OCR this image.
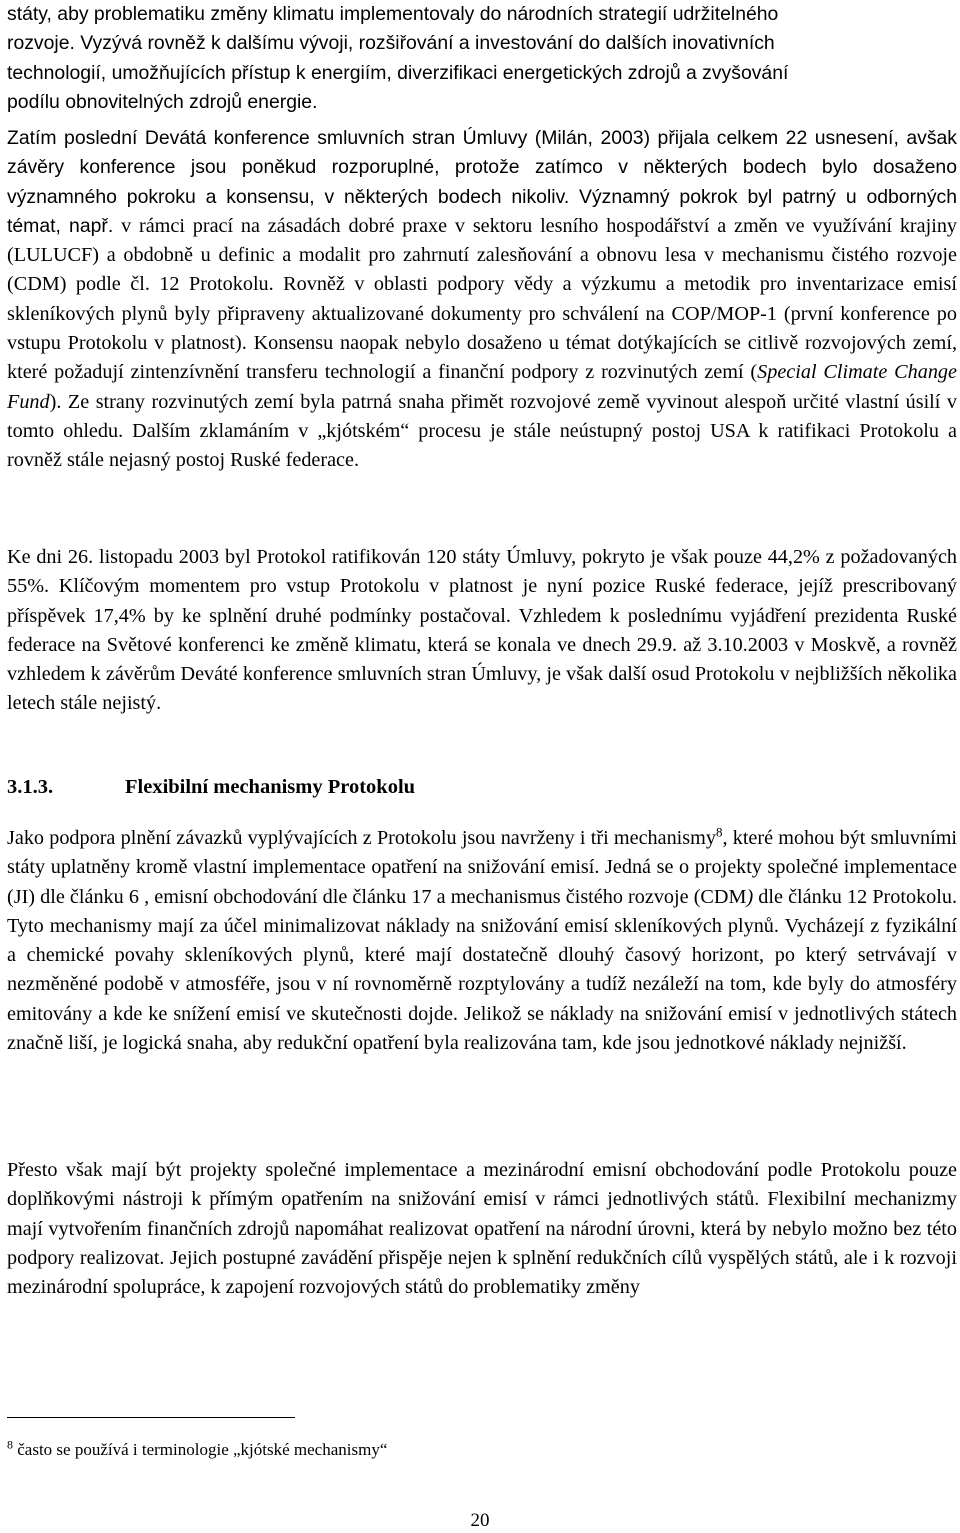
státy, aby problematiku změny klimatu implementovaly do národních strategií udržitelného
rozvoje. Vyzývá rovněž k dalšímu vývoji, rozšiřování a investování do dalších inovativních
technologií, umožňujících přístup k energiím, diverzifikaci energetických zdrojů a zvyšování
podílu obnovitelných zdrojů energie.

Zatím poslední Devátá konference smluvních stran Úmluvy (Milán, 2003) přijala celkem 22 usnesení, avšak závěry konference jsou poněkud rozporuplné, protože zatímco v některých bodech bylo dosaženo významného pokroku a konsensu, v některých bodech nikoliv. Významný pokrok byl patrný u odborných témat, např. v rámci prací na zásadách dobré praxe v sektoru lesního hospodářství a změn ve využívání krajiny (LULUCF) a obdobně u definic a modalit pro zahrnutí zalesňování a obnovu lesa v mechanismu čistého rozvoje (CDM) podle čl. 12 Protokolu. Rovněž v oblasti podpory vědy a výzkumu a metodik pro inventarizace emisí skleníkových plynů byly připraveny aktualizované dokumenty pro schválení na COP/MOP-1 (první konference po vstupu Protokolu v platnost). Konsensu naopak nebylo dosaženo u témat dotýkajících se citlivě rozvojových zemí, které požadují zintenzívnění transferu technologií a finanční podpory z rozvinutých zemí (Special Climate Change Fund). Ze strany rozvinutých zemí byla patrná snaha přimět rozvojové země vyvinout alespoň určité vlastní úsilí v tomto ohledu. Dalším zklamáním v „kjótském“ procesu je stále neústupný postoj USA k ratifikaci Protokolu a rovněž stále nejasný postoj Ruské federace.

Ke dni 26. listopadu 2003 byl Protokol ratifikován 120 státy Úmluvy, pokryto je však pouze 44,2% z požadovaných 55%. Klíčovým momentem pro vstup Protokolu v platnost je nyní pozice Ruské federace, jejíž prescribovaný příspěvek 17,4% by ke splnění druhé podmínky postačoval. Vzhledem k poslednímu vyjádření prezidenta Ruské federace na Světové konferenci ke změně klimatu, která se konala ve dnech 29.9. až 3.10.2003 v Moskvě, a rovněž vzhledem k závěrům Deváté konference smluvních stran Úmluvy, je však další osud Protokolu v nejbližších několika letech stále nejistý.

3.1.3.	Flexibilní mechanismy Protokolu

Jako podpora plnění závazků vyplývajících z Protokolu jsou navrženy i tři mechanismy$^8$, které mohou být smluvními státy uplatněny kromě vlastní implementace opatření na snižování emisí. Jedná se o projekty společné implementace (JI) dle článku 6 , emisní obchodování dle článku 17 a mechanismus čistého rozvoje (CDM) dle článku 12 Protokolu. Tyto mechanismy mají za účel minimalizovat náklady na snižování emisí skleníkových plynů. Vycházejí z fyzikální a chemické povahy skleníkových plynů, které mají dostatečně dlouhý časový horizont, po který setrvávají v nezměněné podobě v atmosféře, jsou v ní rovnoměrně rozptylovány a tudíž nezáleží na tom, kde byly do atmosféry emitovány a kde ke snížení emisí ve skutečnosti dojde. Jelikož se náklady na snižování emisí v jednotlivých státech značně liší, je logická snaha, aby redukční opatření byla realizována tam, kde jsou jednotkové náklady nejnižší.

Přesto však mají být projekty společné implementace a mezinárodní emisní obchodování podle Protokolu pouze doplňkovými nástroji k přímým opatřením na snižování emisí v rámci jednotlivých států. Flexibilní mechanizmy mají vytvořením finančních zdrojů napomáhat realizovat opatření na národní úrovni, která by nebylo možno bez této podpory realizovat. Jejich postupné zavádění přispěje nejen k splnění redukčních cílů vyspělých států, ale i k rozvoji mezinárodní spolupráce, k zapojení rozvojových států do problematiky změny

$^8$ často se používá i terminologie „kjótské mechanismy“

20
